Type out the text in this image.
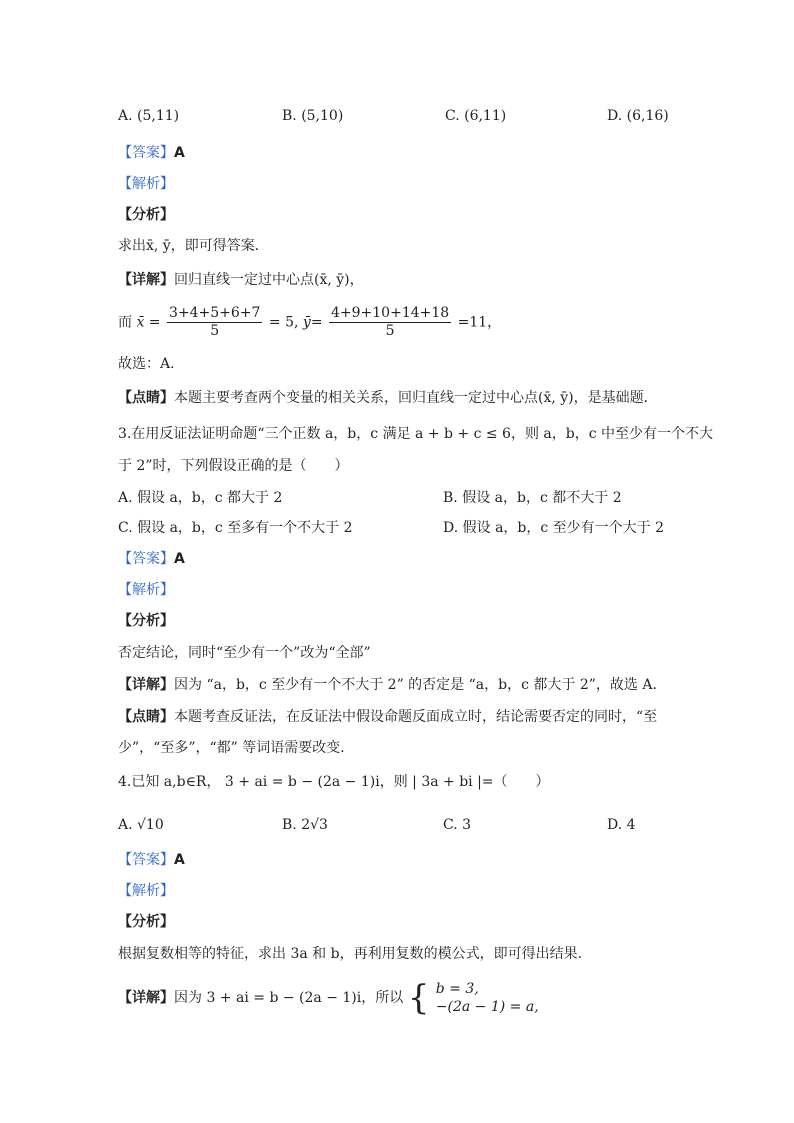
A. (5,11)	B. (5,10)	C. (6,11)	D. (6,16)
【答案】A
【解析】
【分析】
求出x̄, ȳ，即可得答案．
【详解】回归直线一定过中心点(x̄, ȳ)，
而 x̄ = $\frac{3+4+5+6+7}{5} = 5$, ȳ= $\frac{4+9+10+14+18}{5} =11$，
故选：A.
【点睛】本题主要考查两个变量的相关关系，回归直线一定过中心点(x̄, ȳ)，是基础题．
3.在用反证法证明命题“三个正数 a，b，c 满足 a + b + c ≤ 6，则 a，b，c 中至少有一个不大
于 2”时，下列假设正确的是（　　）
A. 假设 a，b，c 都大于 2	B. 假设 a，b，c 都不大于 2
C. 假设 a，b，c 至多有一个不大于 2	D. 假设 a，b，c 至少有一个大于 2
【答案】A
【解析】
【分析】
否定结论，同时“至少有一个”改为“全部”
【详解】因为 “a，b，c 至少有一个不大于 2” 的否定是 “a，b，c 都大于 2”，故选 A.
【点睛】本题考查反证法，在反证法中假设命题反面成立时，结论需要否定的同时，“至
少”，“至多”，“都” 等词语需要改变．
4.已知 a,b∈R， 3 + ai = b − (2a − 1)i，则 | 3a + bi |=（　　）
A. √10	B. 2√3	C. 3	D. 4
【答案】A
【解析】
【分析】
根据复数相等的特征，求出 3a 和 b，再利用复数的模公式，即可得出结果.
【详解】因为 3 + ai = b − (2a − 1)i，所以 { b = 3,
−(2a − 1) = a,
